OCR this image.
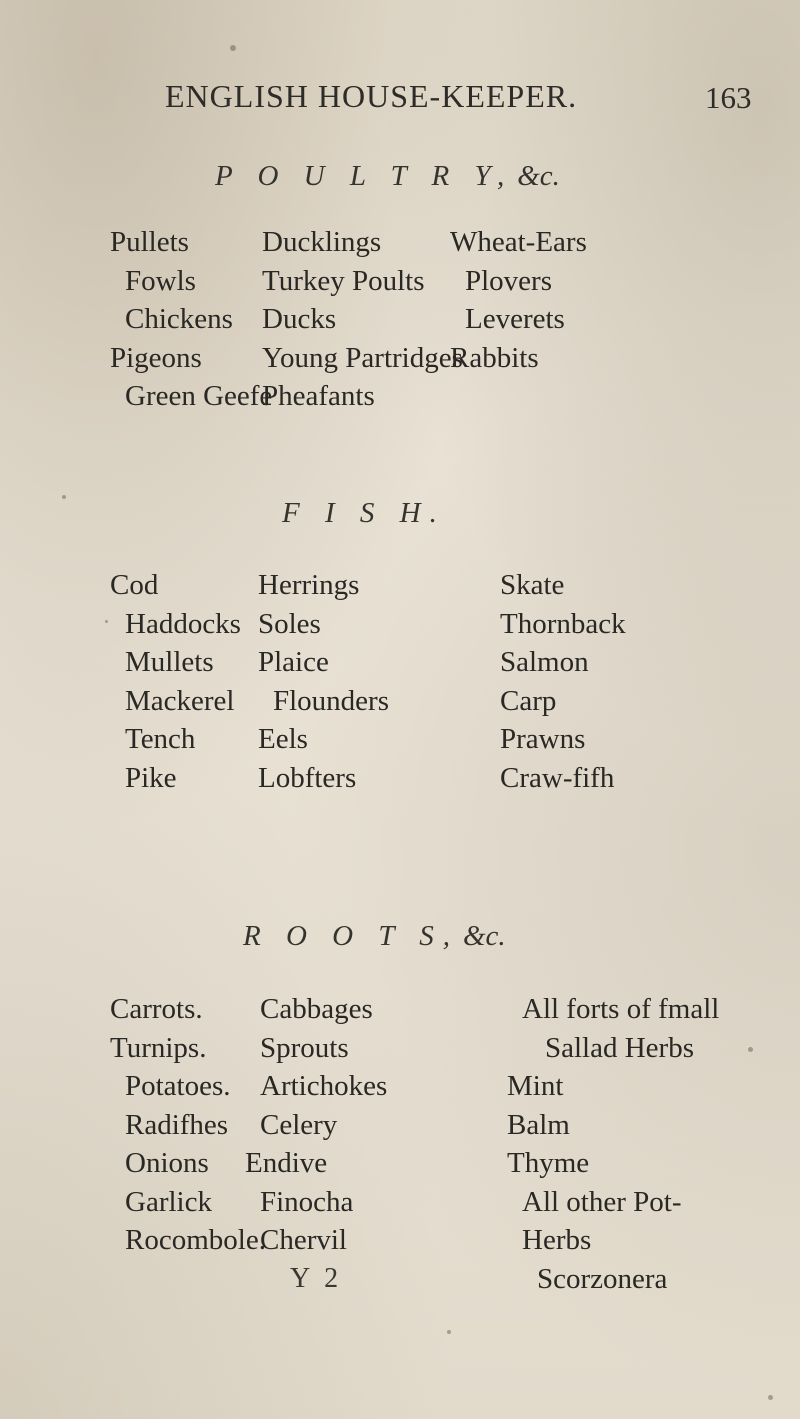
ENGLISH HOUSE-KEEPER.	163
P O U L T R Y, &c.
Pullets
Fowls
Chickens
Pigeons
Green Geefe
Ducklings
Turkey Poults
Ducks
Young Partridges
Pheafants
Wheat-Ears
Plovers
Leverets
Rabbits
F I S H.
Cod
Haddocks
Mullets
Mackerel
Tench
Pike
Herrings
Soles
Plaice
Flounders
Eels
Lobfters
Skate
Thornback
Salmon
Carp
Prawns
Craw-fifh
R O O T S, &c.
Carrots.
Turnips.
Potatoes.
Radifhes
Onions
Garlick
Rocombole.
Cabbages
Sprouts
Artichokes
Celery
Endive
Finocha
Chervil
All forts of fmall
Sallad Herbs
Mint
Balm
Thyme
All other Pot-
Herbs
Scorzonera
Y 2
